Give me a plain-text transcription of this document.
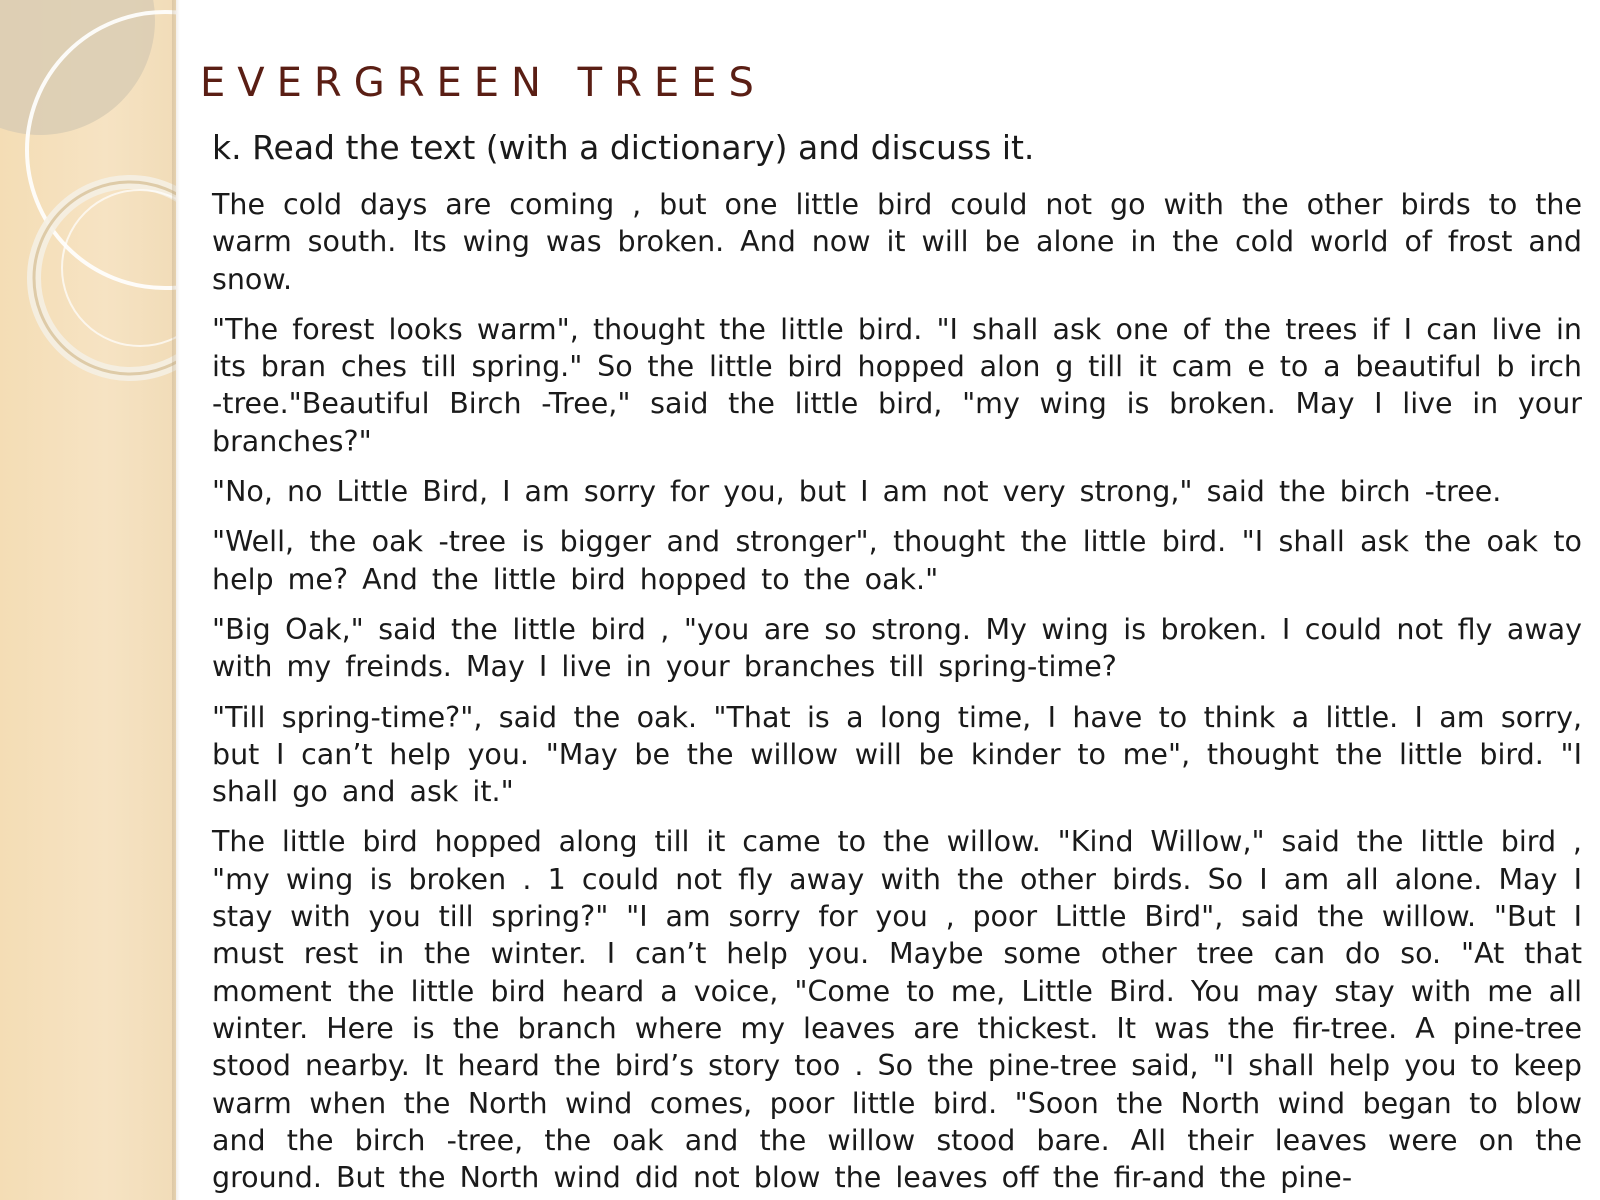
EVERGREEN TREES

k. Read the text (with a dictionary) and discuss it.

The cold days are coming , but one little bird could not go with the other birds to the warm south. Its wing was broken. And now it will be alone in the cold world of frost and snow.

"The forest looks warm", thought the little bird. "I shall ask one of the trees if I can live in its bran ches till spring." So the little bird hopped alon g till it cam e to a beautiful b irch -tree."Beautiful Birch -Tree," said the little bird, "my wing is broken. May I live in your branches?"

"No, no Little Bird, I am sorry for you, but I am not very strong," said the birch -tree.

"Well, the oak -tree is bigger and stronger", thought the little bird. "I shall ask the oak to help me? And the little bird hopped to the oak."

"Big Oak," said the little bird , "you are so strong. My wing is broken. I could not fly away with my freinds. May I live in your branches till spring-time?

"Till spring-time?", said the oak. "That is a long time, I have to think a little. I am sorry, but I can’t help you. "May be the willow will be kinder to me", thought the little bird. "I shall go and ask it."

The little bird hopped along till it came to the willow. "Kind Willow," said the little bird , "my wing is broken . 1 could not fly away with the other birds. So I am all alone. May I stay with you till spring?" "I am sorry for you , poor Little Bird", said the willow. "But I must rest in the winter. I can’t help you. Maybe some other tree can do so. "At that moment the little bird heard a voice, "Come to me, Little Bird. You may stay with me all winter. Here is the branch where my leaves are thickest. It was the fir-tree. A pine-tree stood nearby. It heard the bird’s story too . So the pine-tree said, "I shall help you to keep warm when the North wind comes, poor little bird. "Soon the North wind began to blow and the birch -tree, the oak and the willow stood bare. All their leaves were on the ground. But the North wind did not blow the leaves off the fir-and the pine-
